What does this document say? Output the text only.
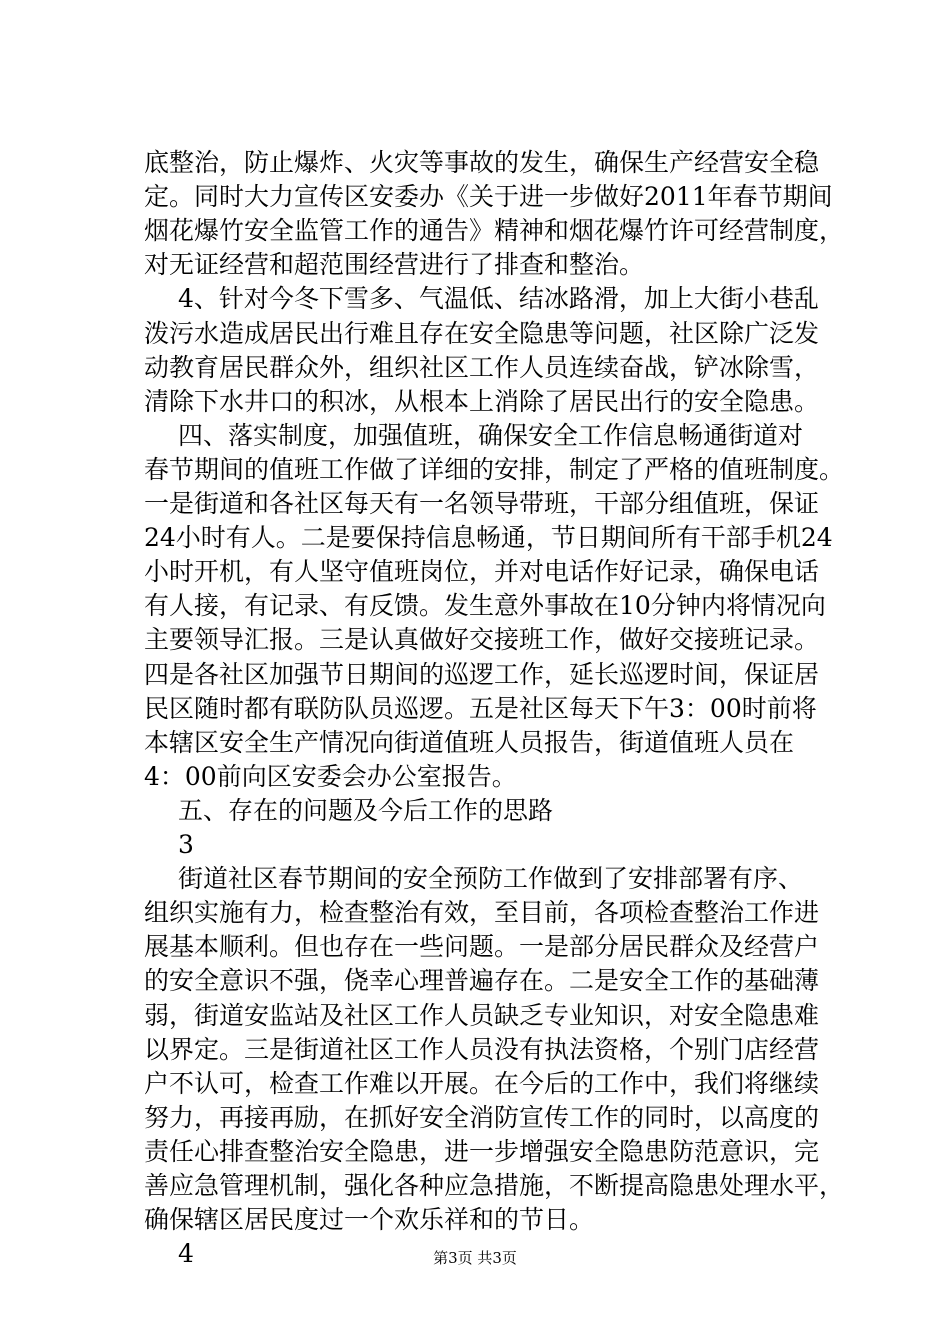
底整治，防止爆炸、火灾等事故的发生，确保生产经营安全稳
定。同时大力宣传区安委办《关于进一步做好2011年春节期间
烟花爆竹安全监管工作的通告》精神和烟花爆竹许可经营制度，
对无证经营和超范围经营进行了排查和整治。
4、针对今冬下雪多、气温低、结冰路滑，加上大街小巷乱
泼污水造成居民出行难且存在安全隐患等问题，社区除广泛发
动教育居民群众外，组织社区工作人员连续奋战，铲冰除雪，
清除下水井口的积冰，从根本上消除了居民出行的安全隐患。
四、落实制度，加强值班，确保安全工作信息畅通街道对
春节期间的值班工作做了详细的安排，制定了严格的值班制度。
一是街道和各社区每天有一名领导带班，干部分组值班，保证
24小时有人。二是要保持信息畅通，节日期间所有干部手机24
小时开机，有人坚守值班岗位，并对电话作好记录，确保电话
有人接，有记录、有反馈。发生意外事故在10分钟内将情况向
主要领导汇报。三是认真做好交接班工作，做好交接班记录。
四是各社区加强节日期间的巡逻工作，延长巡逻时间，保证居
民区随时都有联防队员巡逻。五是社区每天下午3：00时前将
本辖区安全生产情况向街道值班人员报告，街道值班人员在
4：00前向区安委会办公室报告。
五、存在的问题及今后工作的思路
3
街道社区春节期间的安全预防工作做到了安排部署有序、
组织实施有力，检查整治有效，至目前，各项检查整治工作进
展基本顺利。但也存在一些问题。一是部分居民群众及经营户
的安全意识不强，侥幸心理普遍存在。二是安全工作的基础薄
弱，街道安监站及社区工作人员缺乏专业知识，对安全隐患难
以界定。三是街道社区工作人员没有执法资格，个别门店经营
户不认可，检查工作难以开展。在今后的工作中，我们将继续
努力，再接再励，在抓好安全消防宣传工作的同时，以高度的
责任心排查整治安全隐患，进一步增强安全隐患防范意识，完
善应急管理机制，强化各种应急措施，不断提高隐患处理水平，
确保辖区居民度过一个欢乐祥和的节日。
4	第3页 共3页
